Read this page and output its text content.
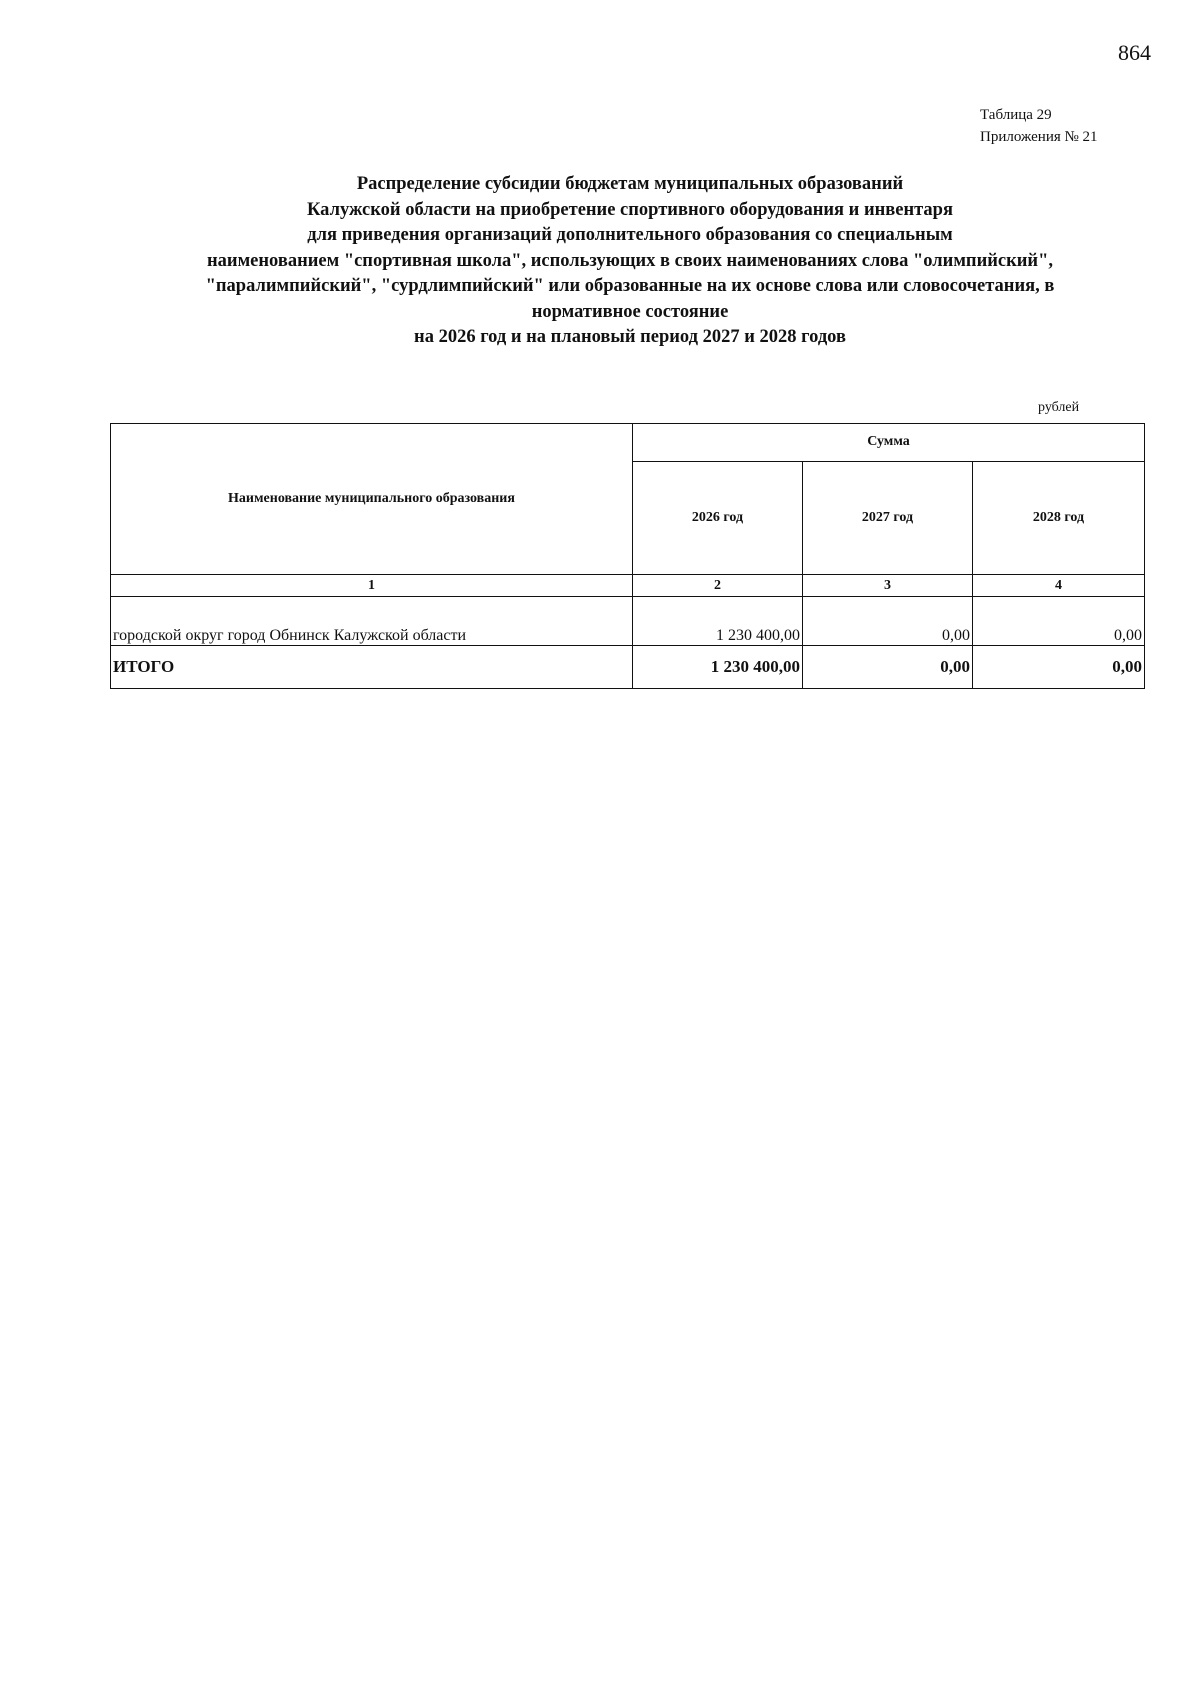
864
Таблица 29
Приложения № 21
Распределение субсидии бюджетам муниципальных образований
Калужской области на приобретение спортивного оборудования и инвентаря
для приведения организаций дополнительного образования со специальным
наименованием "спортивная школа", использующих в своих наименованиях слова "олимпийский",
"паралимпийский", "сурдлимпийский" или образованные на их основе слова или словосочетания, в
нормативное состояние
на 2026 год и на плановый период 2027 и 2028 годов
рублей
Наименование муниципального образования	Сумма		
	2026 год	2027 год	2028 год
1	2	3	4
городской округ город Обнинск Калужской области	1 230 400,00	0,00	0,00
ИТОГО	1 230 400,00	0,00	0,00
